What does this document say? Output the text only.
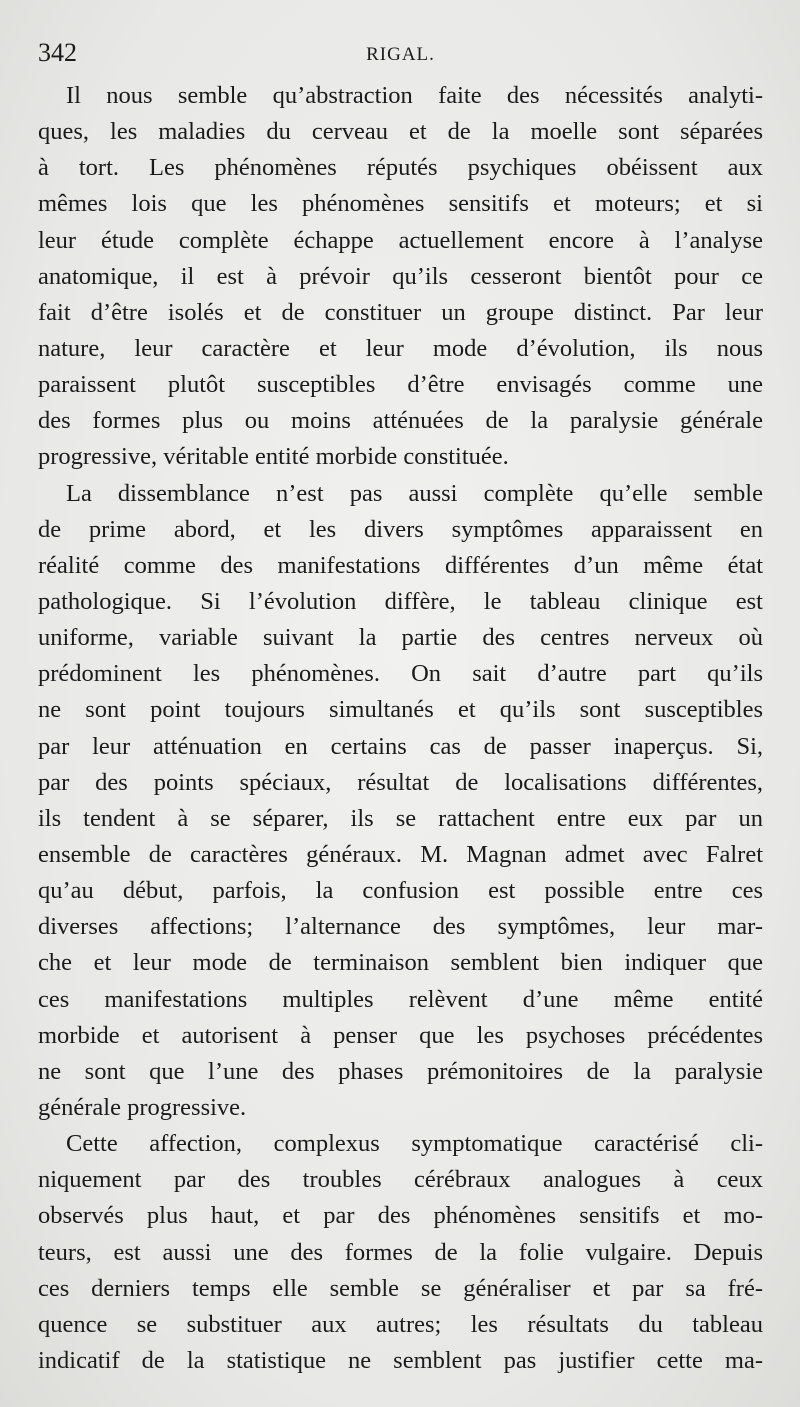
342	RIGAL.

Il nous semble qu’abstraction faite des nécessités analyti-
ques, les maladies du cerveau et de la moelle sont séparées
à tort. Les phénomènes réputés psychiques obéissent aux
mêmes lois que les phénomènes sensitifs et moteurs; et si
leur étude complète échappe actuellement encore à l’analyse
anatomique, il est à prévoir qu’ils cesseront bientôt pour ce
fait d’être isolés et de constituer un groupe distinct. Par leur
nature, leur caractère et leur mode d’évolution, ils nous
paraissent plutôt susceptibles d’être envisagés comme une
des formes plus ou moins atténuées de la paralysie générale
progressive, véritable entité morbide constituée.

La dissemblance n’est pas aussi complète qu’elle semble
de prime abord, et les divers symptômes apparaissent en
réalité comme des manifestations différentes d’un même état
pathologique. Si l’évolution diffère, le tableau clinique est
uniforme, variable suivant la partie des centres nerveux où
prédominent les phénomènes. On sait d’autre part qu’ils
ne sont point toujours simultanés et qu’ils sont susceptibles
par leur atténuation en certains cas de passer inaperçus. Si,
par des points spéciaux, résultat de localisations différentes,
ils tendent à se séparer, ils se rattachent entre eux par un
ensemble de caractères généraux. M. Magnan admet avec Falret
qu’au début, parfois, la confusion est possible entre ces
diverses affections; l’alternance des symptômes, leur mar-
che et leur mode de terminaison semblent bien indiquer que
ces manifestations multiples relèvent d’une même entité
morbide et autorisent à penser que les psychoses précédentes
ne sont que l’une des phases prémonitoires de la paralysie
générale progressive.

Cette affection, complexus symptomatique caractérisé cli-
niquement par des troubles cérébraux analogues à ceux
observés plus haut, et par des phénomènes sensitifs et mo-
teurs, est aussi une des formes de la folie vulgaire. Depuis
ces derniers temps elle semble se généraliser et par sa fré-
quence se substituer aux autres; les résultats du tableau
indicatif de la statistique ne semblent pas justifier cette ma-
